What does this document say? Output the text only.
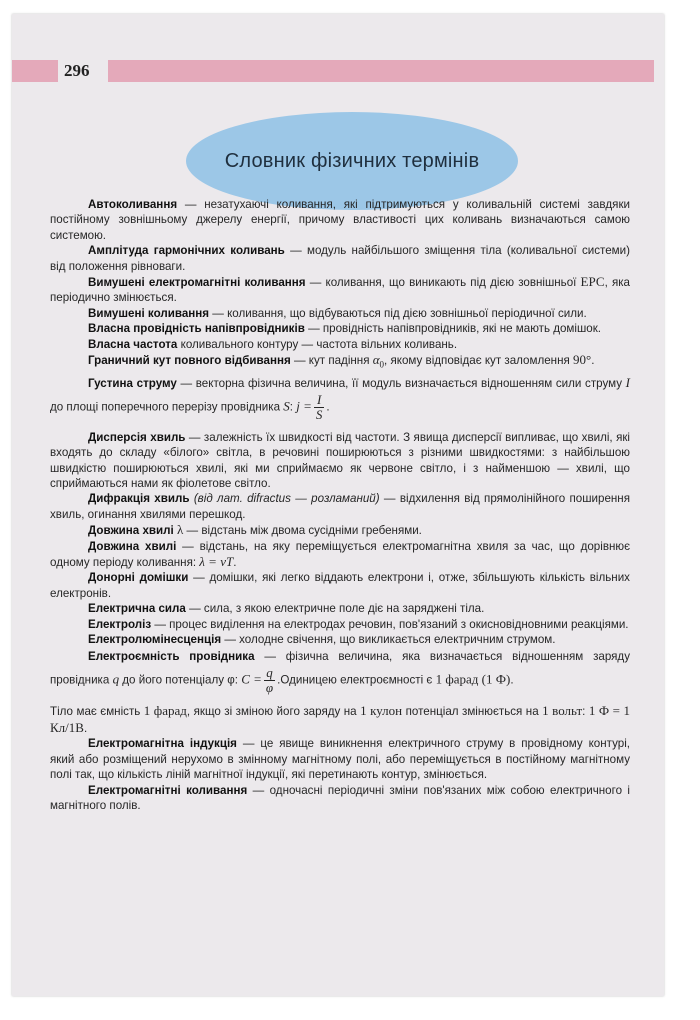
296
Словник фізичних термінів

Автоколивання — незатухаючі коливання, які підтримуються у коливальній системі завдяки постійному зовнішньому джерелу енергії, причому властивості цих коливань визначаються самою системою.

Амплітуда гармонічних коливань — модуль найбільшого зміщення тіла (коливальної системи) від положення рівноваги.

Вимушені електромагнітні коливання — коливання, що виникають під дією зовнішньої ЕРС, яка періодично змінюється.

Вимушені коливання — коливання, що відбуваються під дією зовнішньої періодичної сили.

Власна провідність напівпровідників — провідність напівпровідників, які не мають домішок.

Власна частота коливального контуру — частота вільних коливань.

Граничний кут повного відбивання — кут падіння $\alpha_0$, якому відповідає кут заломлення 90°.

Густина струму — векторна фізична величина, її модуль визначається відношенням сили струму I до площі поперечного перерізу провідника S: $j = \frac{I}{S}$ .

Дисперсія хвиль — залежність їх швидкості від частоти. З явища дисперсії випливає, що хвилі, які входять до складу «білого» світла, в речовині поширюються з різними швидкостями: з найбільшою швидкістю поширюються хвилі, які ми сприймаємо як червоне світло, і з найменшою — хвилі, що сприймаються нами як фіолетове світло.

Дифракція хвиль (від лат. difractus — розламаний) — відхилення від прямолінійного поширення хвиль, огинання хвилями перешкод.

Довжина хвилі λ — відстань між двома сусідніми гребенями.

Довжина хвилі — відстань, на яку переміщується електромагнітна хвиля за час, що дорівнює одному періоду коливання: λ = vT.

Донорні домішки — домішки, які легко віддають електрони і, отже, збільшують кількість вільних електронів.

Електрична сила — сила, з якою електричне поле діє на заряджені тіла.

Електроліз — процес виділення на електродах речовин, пов'язаний з окисновідновними реакціями.

Електролюмінесценція — холодне свічення, що викликається електричним струмом.

Електроємність провідника — фізична величина, яка визначається відношенням заряду провідника q до його потенціалу φ: $C = \frac{q}{\varphi}$ .Одиницею електроємності є 1 фарад (1 Ф).

Тіло має ємність 1 фарад, якщо зі зміною його заряду на 1 кулон потенціал змінюється на 1 вольт: 1 Ф = 1 Кл/1В.

Електромагнітна індукція — це явище виникнення електричного струму в провідному контурі, який або розміщений нерухомо в змінному магнітному полі, або переміщується в постійному магнітному полі так, що кількість ліній магнітної індукції, які перетинають контур, змінюється.

Електромагнітні коливання — одночасні періодичні зміни пов'язаних між собою електричного і магнітного полів.
